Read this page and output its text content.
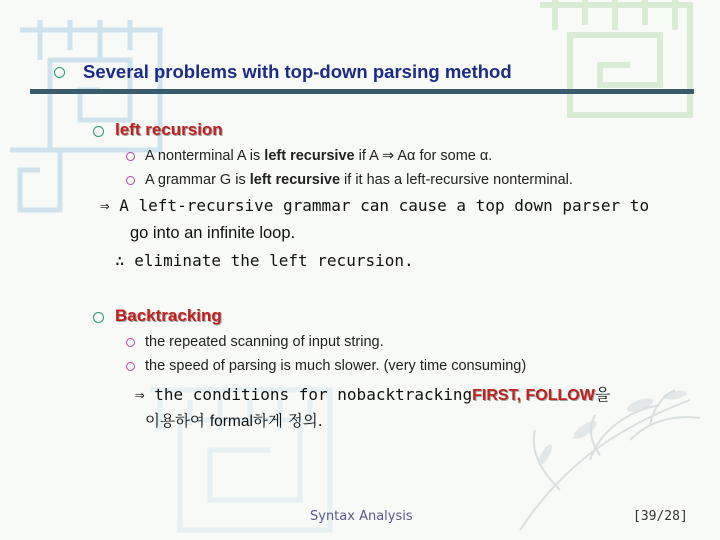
Several problems with top-down parsing method
left recursion
A nonterminal A is left recursive if A ⇒ Aα for some α.
A grammar G is left recursive if it has a left-recursive nonterminal.
⇒ A left-recursive grammar can cause a top down parser to
go into an infinite loop.
∴ eliminate the left recursion.
Backtracking
the repeated scanning of input string.
the speed of parsing is much slower. (very time consuming)
⇒ the conditions for nobacktrackingFIRST, FOLLOW을
이용하여 formal하게 정의.
Syntax Analysis	[39/28]
